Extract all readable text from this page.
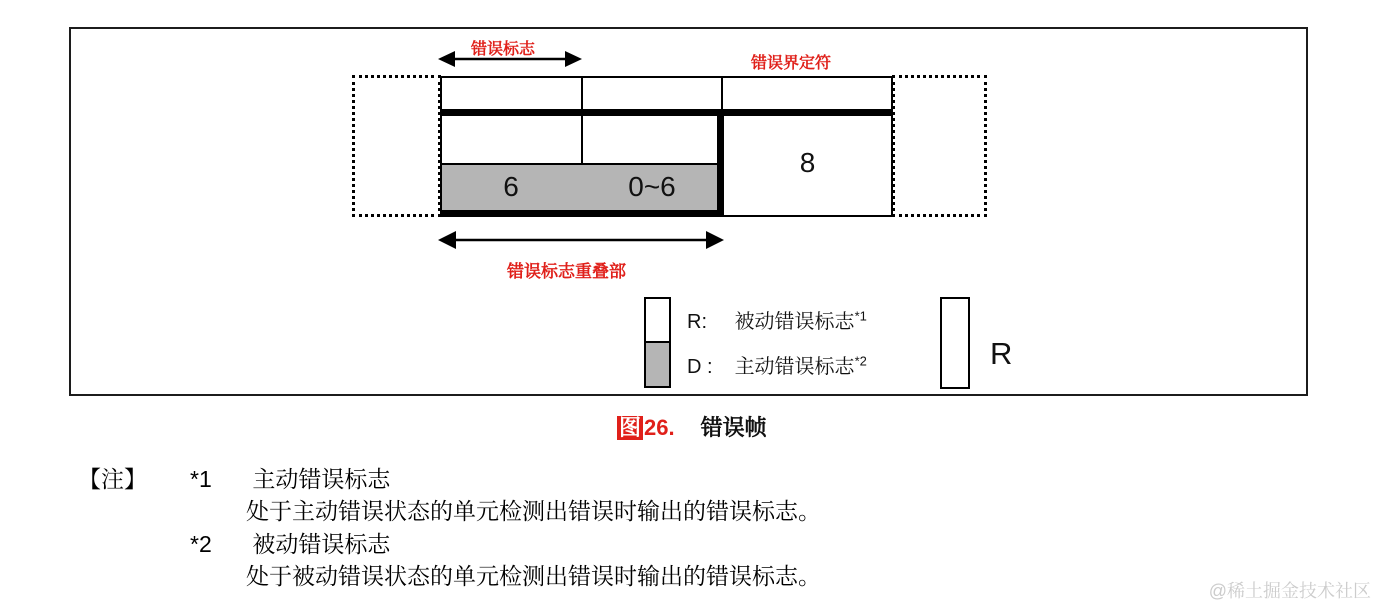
6	0~6
8
错误标志
错误界定符
错误标志重叠部
R: 被动错误标志$^{*1}$
D : 主动错误标志$^{*2}$	R
图 26. 错误帧
【注】 *1 主动错误标志
处于主动错误状态的单元检测出错误时输出的错误标志。
*2 被动错误标志
处于被动错误状态的单元检测出错误时输出的错误标志。
@稀土掘金技术社区
